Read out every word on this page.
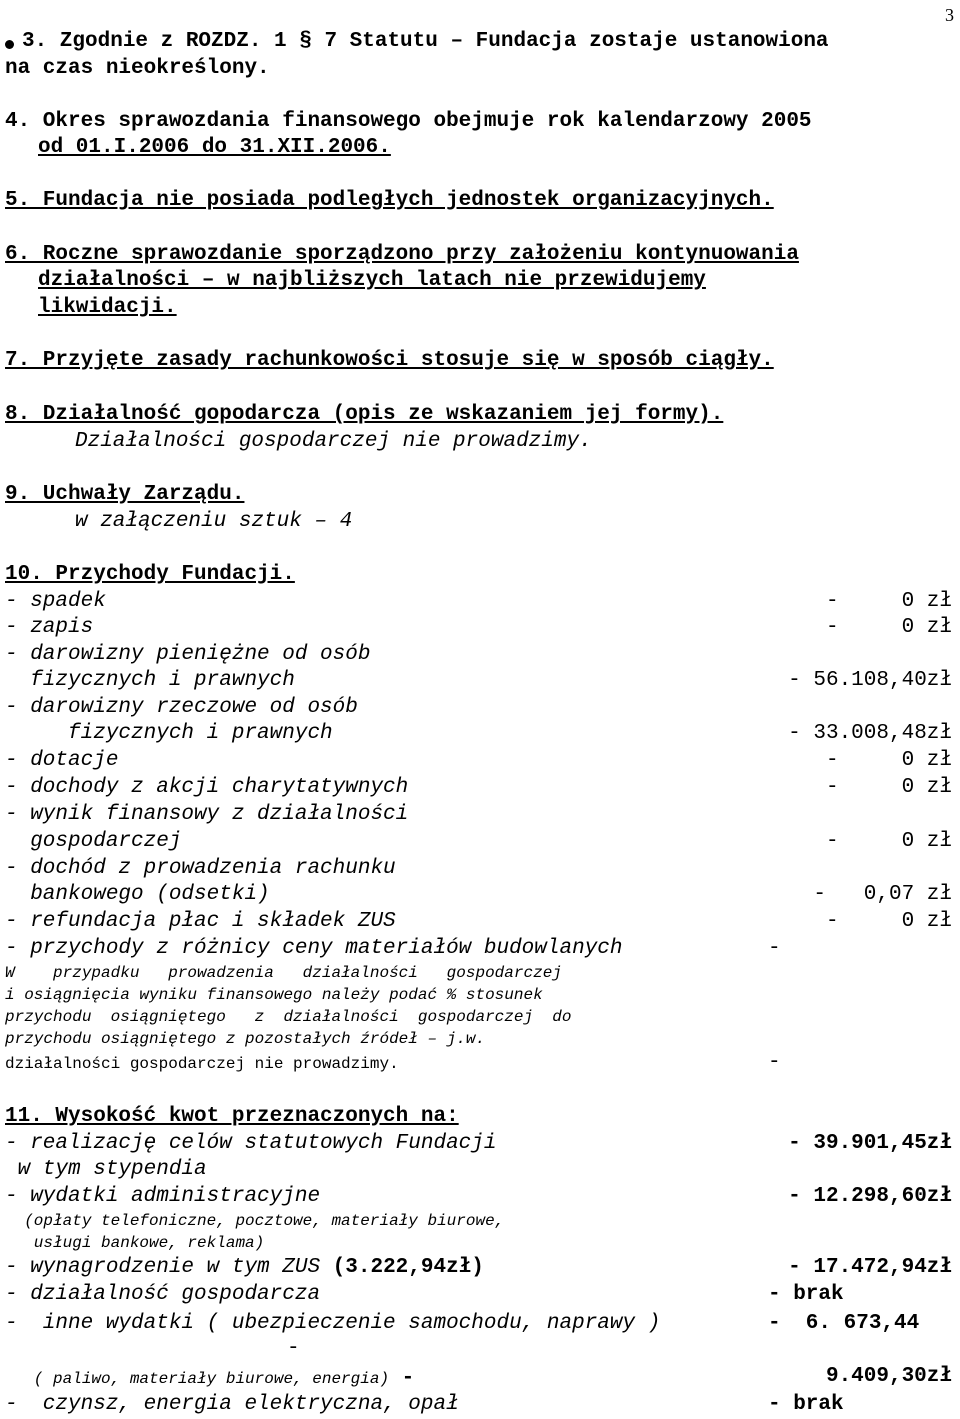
3
3. Zgodnie z ROZDZ. 1 § 7 Statutu – Fundacja zostaje ustanowiona
na czas nieokreślony.
4. Okres sprawozdania finansowego obejmuje rok kalendarzowy 2005
od 01.I.2006 do 31.XII.2006.
5. Fundacja nie posiada podległych jednostek organizacyjnych.
6. Roczne sprawozdanie sporządzono przy założeniu kontynuowania
działalności – w najbliższych latach nie przewidujemy
likwidacji.
7. Przyjęte zasady rachunkowości stosuje się w sposób ciągły.
8. Działalność gopodarcza (opis ze wskazaniem jej formy).
Działalności gospodarczej nie prowadzimy.
9. Uchwały Zarządu.
w załączeniu sztuk – 4
10. Przychody Fundacji.
- spadek	-     0 zł
- zapis	-     0 zł
- darowizny pieniężne od osób
fizycznych i prawnych	- 56.108,40zł
- darowizny rzeczowe od osób
fizycznych i prawnych	- 33.008,48zł
- dotacje	-     0 zł
- dochody z akcji charytatywnych	-     0 zł
- wynik finansowy z działalności
gospodarczej	-     0 zł
- dochód z prowadzenia rachunku
bankowego (odsetki)	-   0,07 zł
- refundacja płac i składek ZUS	-     0 zł
- przychody z różnicy ceny materiałów budowlanych	-
W    przypadku   prowadzenia   działalności   gospodarczej
i osiągnięcia wyniku finansowego należy podać % stosunek
przychodu  osiągniętego   z  działalności  gospodarczej  do
przychodu osiągniętego z pozostałych źródeł – j.w.
działalności gospodarczej nie prowadzimy.	-
11. Wysokość kwot przeznaczonych na:
- realizację celów statutowych Fundacji	- 39.901,45zł
w tym stypendia
- wydatki administracyjne	- 12.298,60zł
(opłaty telefoniczne, pocztowe, materiały biurowe,
usługi bankowe, reklama)
- wynagrodzenie w tym ZUS (3.222,94zł)	- 17.472,94zł
- działalność gospodarcza	- brak
-  inne wydatki ( ubezpieczenie samochodu, naprawy )	-  6. 673,44
-
( paliwo, materiały biurowe, energia) -	9.409,30zł
-  czynsz, energia elektryczna, opał	- brak
